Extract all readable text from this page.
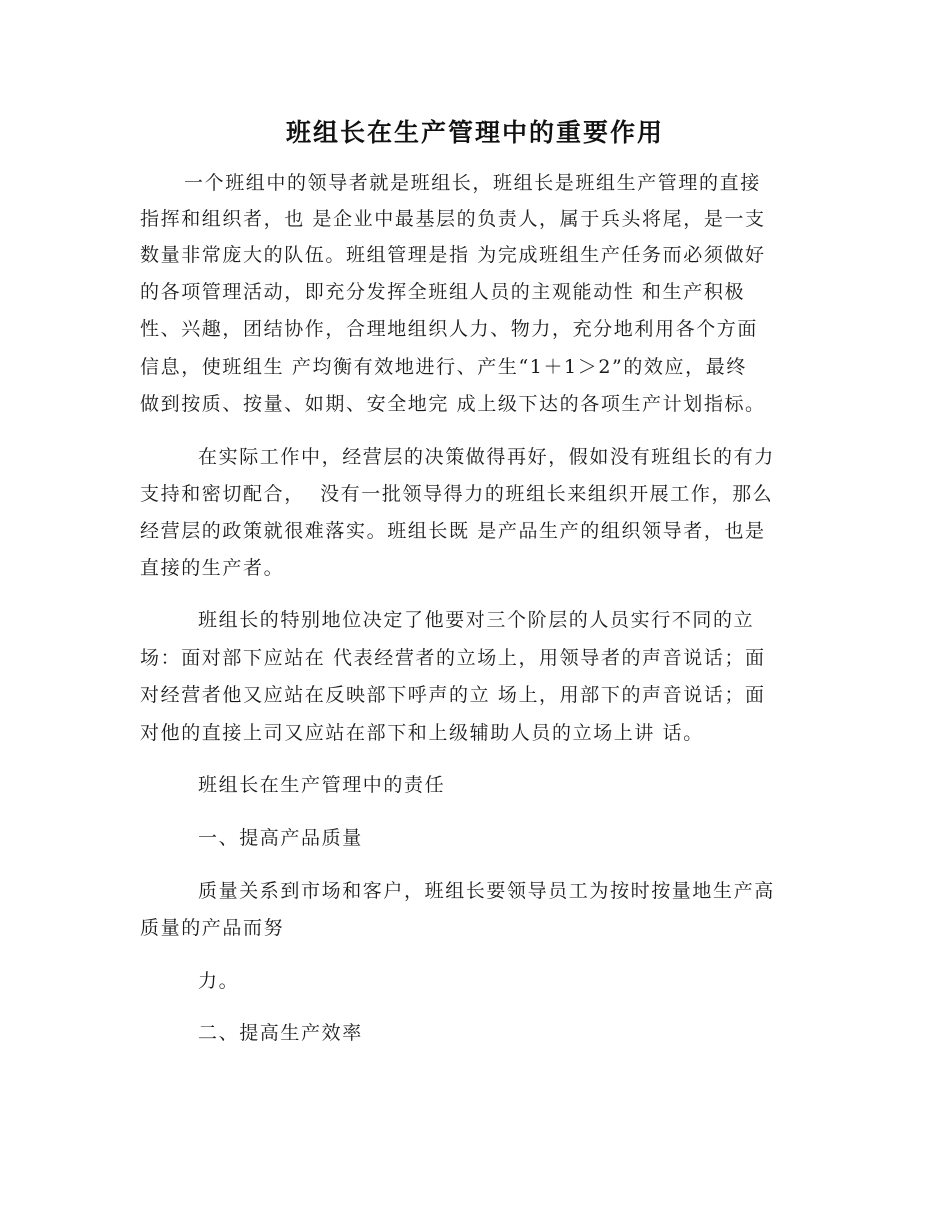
班组长在生产管理中的重要作用
一个班组中的领导者就是班组长，班组长是班组生产管理的直接
指挥和组织者，也 是企业中最基层的负责人，属于兵头将尾，是一支
数量非常庞大的队伍。班组管理是指 为完成班组生产任务而必须做好
的各项管理活动，即充分发挥全班组人员的主观能动性 和生产积极
性、兴趣，团结协作，合理地组织人力、物力，充分地利用各个方面
信息，使班组生 产均衡有效地进行、产生“1＋1＞2”的效应，最终
做到按质、按量、如期、安全地完 成上级下达的各项生产计划指标。
在实际工作中，经营层的决策做得再好，假如没有班组长的有力
支持和密切配合，  没有一批领导得力的班组长来组织开展工作，那么
经营层的政策就很难落实。班组长既 是产品生产的组织领导者，也是
直接的生产者。
班组长的特别地位决定了他要对三个阶层的人员实行不同的立
场：面对部下应站在 代表经营者的立场上，用领导者的声音说话；面
对经营者他又应站在反映部下呼声的立 场上，用部下的声音说话；面
对他的直接上司又应站在部下和上级辅助人员的立场上讲 话。
班组长在生产管理中的责任
一、提高产品质量
质量关系到市场和客户，班组长要领导员工为按时按量地生产高
质量的产品而努
力。
二、提高生产效率
